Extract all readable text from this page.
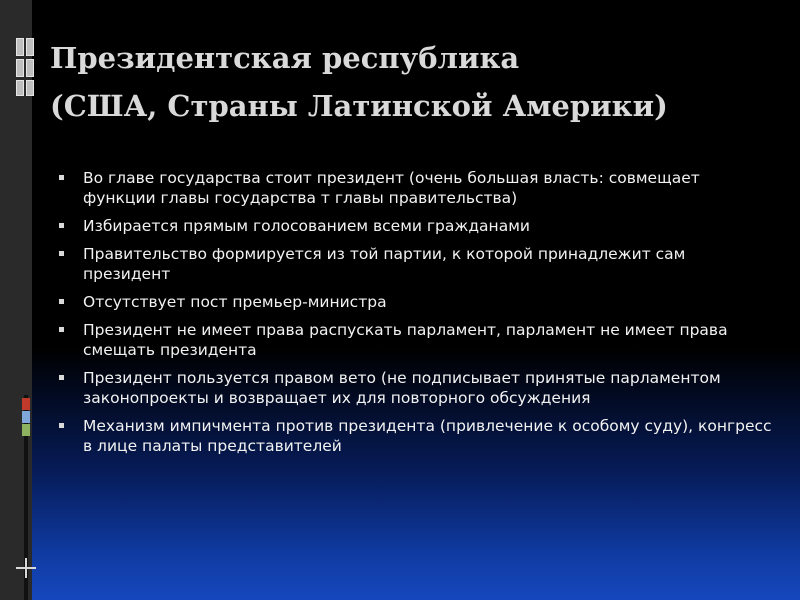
Президентская республика
(США, Страны Латинской Америки)
Во главе государства стоит президент (очень большая власть: совмещает функции главы государства т главы правительства)
Избирается прямым голосованием всеми гражданами
Правительство формируется из той партии, к которой принадлежит сам президент
Отсутствует пост премьер-министра
Президент не имеет права распускать парламент, парламент не имеет права смещать президента
Президент пользуется правом вето (не подписывает принятые парламентом законопроекты и возвращает их для повторного обсуждения
Механизм импичмента против президента (привлечение к особому суду), конгресс в лице палаты представителей
